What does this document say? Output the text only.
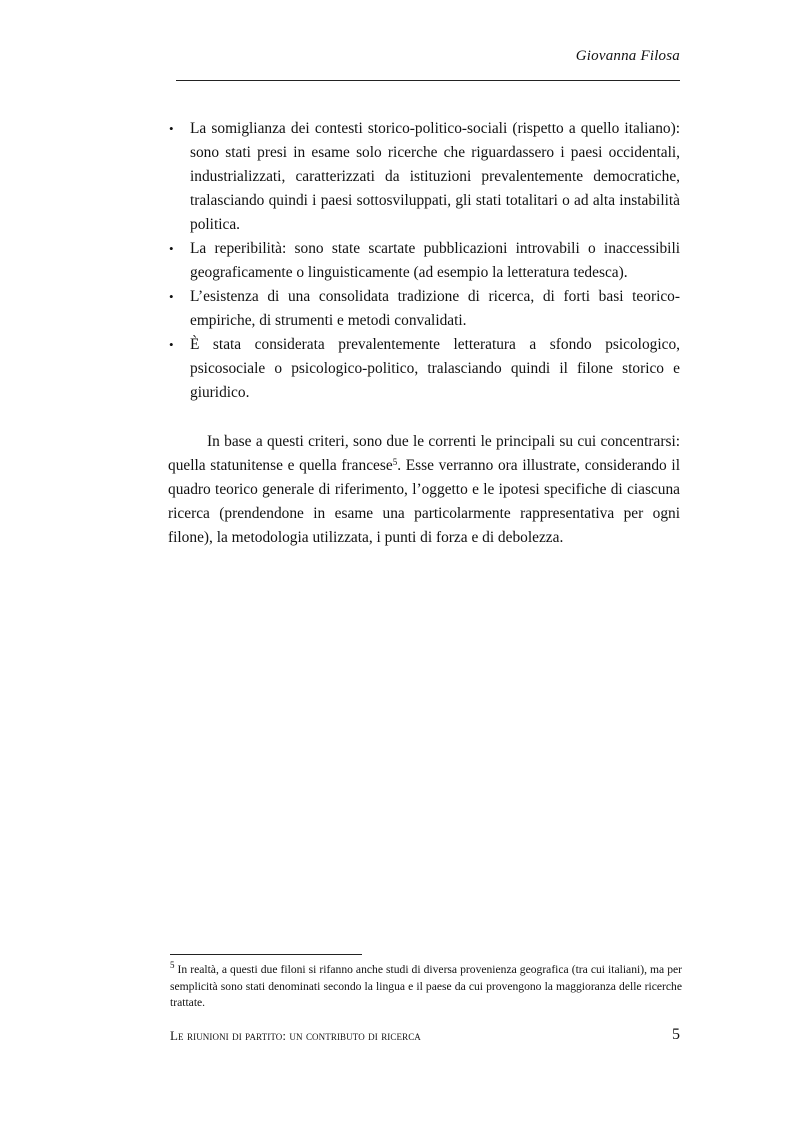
Giovanna Filosa
• La somiglianza dei contesti storico-politico-sociali (rispetto a quello italiano): sono stati presi in esame solo ricerche che riguardassero i paesi occidentali, industrializzati, caratterizzati da istituzioni prevalentemente democratiche, tralasciando quindi i paesi sottosviluppati, gli stati totalitari o ad alta instabilità politica.
• La reperibilità: sono state scartate pubblicazioni introvabili o inaccessibili geograficamente o linguisticamente (ad esempio la letteratura tedesca).
• L’esistenza di una consolidata tradizione di ricerca, di forti basi teorico-empiriche, di strumenti e metodi convalidati.
• È stata considerata prevalentemente letteratura a sfondo psicologico, psicosociale o psicologico-politico, tralasciando quindi il filone storico e giuridico.

In base a questi criteri, sono due le correnti le principali su cui concentrarsi: quella statunitense e quella francese$^5$. Esse verranno ora illustrate, considerando il quadro teorico generale di riferimento, l’oggetto e le ipotesi specifiche di ciascuna ricerca (prendendone in esame una particolarmente rappresentativa per ogni filone), la metodologia utilizzata, i punti di forza e di debolezza.

$^5$ In realtà, a questi due filoni si rifanno anche studi di diversa provenienza geografica (tra cui italiani), ma per semplicità sono stati denominati secondo la lingua e il paese da cui provengono la maggioranza delle ricerche trattate.
Le riunioni di partito: un contributo di ricerca	5
